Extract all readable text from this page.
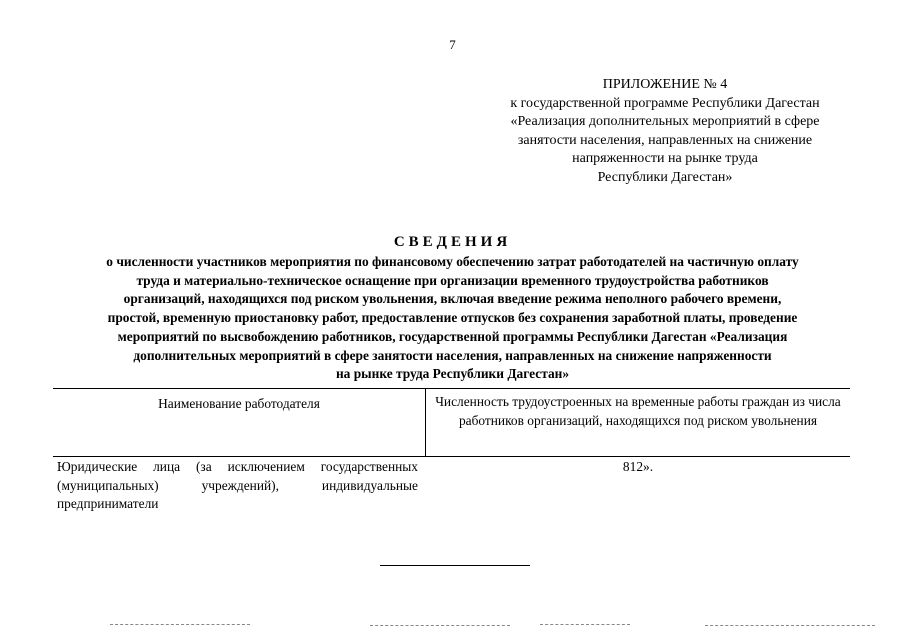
7
ПРИЛОЖЕНИЕ № 4
к государственной программе Республики Дагестан
«Реализация дополнительных мероприятий в сфере
занятости населения, направленных на снижение
напряженности на рынке труда
Республики Дагестан»
СВЕДЕНИЯ
о численности участников мероприятия по финансовому обеспечению затрат работодателей на частичную оплату
труда и материально-техническое оснащение при организации временного трудоустройства работников
организаций, находящихся под риском увольнения, включая введение режима неполного рабочего времени,
простой, временную приостановку работ, предоставление отпусков без сохранения заработной платы, проведение
мероприятий по высвобождению работников, государственной программы Республики Дагестан «Реализация
дополнительных мероприятий в сфере занятости населения, направленных на снижение напряженности
на рынке труда Республики Дагестан»
Наименование работодателя	Численность трудоустроенных на временные работы граждан из числа работников организаций, находящихся под риском увольнения
Юридические лица (за исключением государственных
(муниципальных) учреждений), индивидуальные
предприниматели
812».
